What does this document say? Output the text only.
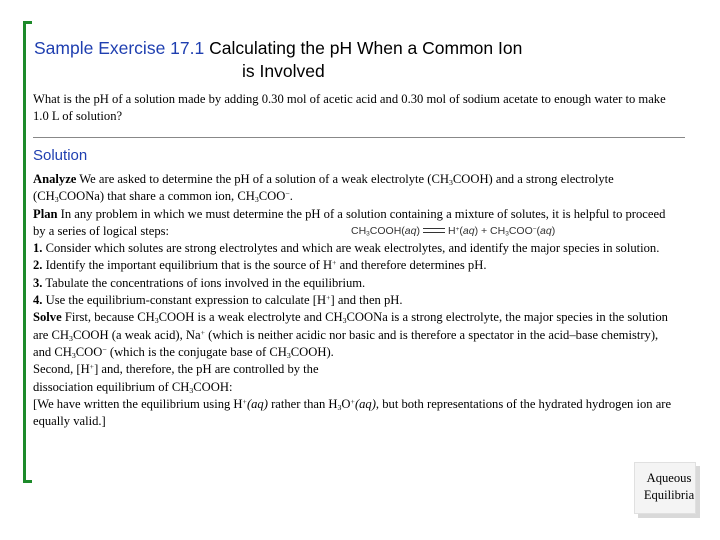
Sample Exercise 17.1 Calculating the pH When a Common Ion
is Involved
What is the pH of a solution made by adding 0.30 mol of acetic acid and 0.30 mol of sodium acetate to enough water to make 1.0 L of solution?
Solution

Analyze We are asked to determine the pH of a solution of a weak electrolyte $(CH_3COOH)$ and a strong electrolyte $(CH_3COONa)$ that share a common ion, $CH_3COO^-$.

Plan In any problem in which we must determine the pH of a solution containing a mixture of solutes, it is helpful to proceed by a series of logical steps:

1. Consider which solutes are strong electrolytes and which are weak electrolytes, and identify the major species in solution.

2. Identify the important equilibrium that is the source of H+ and therefore determines pH.

3. Tabulate the concentrations of ions involved in the equilibrium.

4. Use the equilibrium-constant expression to calculate [H+] and then pH.

Solve First, because $CH_3COOH$ is a weak electrolyte and $CH_3COONa$ is a strong electrolyte, the major species in the solution are $CH_3COOH$ (a weak acid), Na+ (which is neither acidic nor basic and is therefore a spectator in the acid–base chemistry), and $CH_3COO^-$ (which is the conjugate base of $CH_3COOH$).

Second, [H+] and, therefore, the pH are controlled by the
dissociation equilibrium of $CH_3COOH$:

[We have written the equilibrium using H+(aq) rather than $H_3O^+(aq)$, but both representations of the hydrated hydrogen ion are equally valid.]

$CH_3COOH(aq)$	$H^+(aq) + CH_3COO^-(aq)$
Aqueous
Equilibria
